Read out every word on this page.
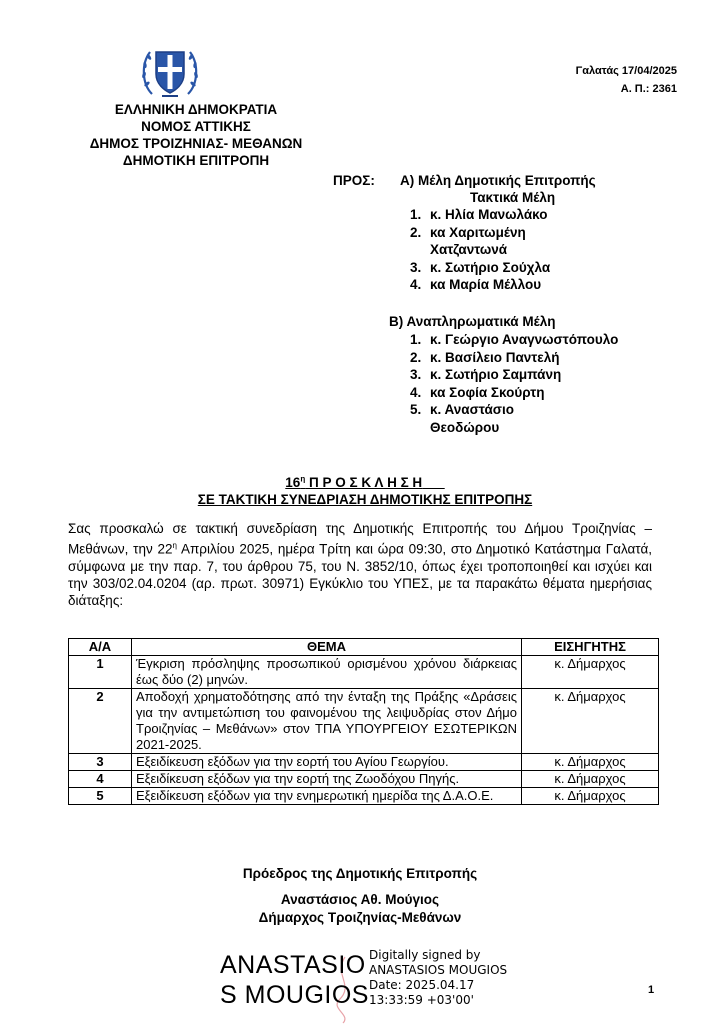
ΕΛΛΗΝΙΚΗ ΔΗΜΟΚΡΑΤΙΑ
ΝΟΜΟΣ ΑΤΤΙΚΗΣ
ΔΗΜΟΣ ΤΡΟΙΖΗΝΙΑΣ- ΜΕΘΑΝΩΝ
ΔΗΜΟΤΙΚΗ ΕΠΙΤΡΟΠΗ
Γαλατάς 17/04/2025
Α. Π.: 2361
ΠΡΟΣ: Α) Μέλη Δημοτικής Επιτροπής
Τακτικά Μέλη
1. κ. Ηλία Μανωλάκο
2. κα Χαριτωμένη Χατζαντωνά
3. κ. Σωτήριο Σούχλα
4. κα Μαρία Μέλλου
Β) Αναπληρωματικά Μέλη
1. κ. Γεώργιο Αναγνωστόπουλο
2. κ. Βασίλειο Παντελή
3. κ. Σωτήριο Σαμπάνη
4. κα Σοφία Σκούρτη
5. κ. Αναστάσιο Θεοδώρου
$16^\eta$ Π Ρ Ο Σ Κ Λ Η Σ Η
ΣΕ ΤΑΚΤΙΚΗ ΣΥΝΕΔΡΙΑΣΗ ΔΗΜΟΤΙΚΗΣ ΕΠΙΤΡΟΠΗΣ
Σας προσκαλώ σε τακτική συνεδρίαση της Δημοτικής Επιτροπής του Δήμου Τροιζηνίας – Μεθάνων, την $22^\eta$ Απριλίου 2025, ημέρα Τρίτη και ώρα 09:30, στο Δημοτικό Κατάστημα Γαλατά, σύμφωνα με την παρ. 7, του άρθρου 75, του Ν. 3852/10, όπως έχει τροποποιηθεί και ισχύει και την 303/02.04.0204 (αρ. πρωτ. 30971) Εγκύκλιο του ΥΠΕΣ, με τα παρακάτω θέματα ημερήσιας διάταξης:
Α/Α	ΘΕΜΑ	ΕΙΣΗΓΗΤΗΣ
1	Έγκριση πρόσληψης προσωπικού ορισμένου χρόνου διάρκειας έως δύο (2) μηνών.	κ. Δήμαρχος
2	Αποδοχή χρηματοδότησης από την ένταξη της Πράξης «Δράσεις για την αντιμετώπιση του φαινομένου της λειψυδρίας στον Δήμο Τροιζηνίας – Μεθάνων» στον ΤΠΑ ΥΠΟΥΡΓΕΙΟΥ ΕΣΩΤΕΡΙΚΩΝ 2021-2025.	κ. Δήμαρχος
3	Εξειδίκευση εξόδων για την εορτή του Αγίου Γεωργίου.	κ. Δήμαρχος
4	Εξειδίκευση εξόδων για την εορτή της Ζωοδόχου Πηγής.	κ. Δήμαρχος
5	Εξειδίκευση εξόδων για την ενημερωτική ημερίδα της Δ.Α.Ο.Ε.	κ. Δήμαρχος
Πρόεδρος της Δημοτικής Επιτροπής
Αναστάσιος Αθ. Μούγιος
Δήμαρχος Τροιζηνίας-Μεθάνων
ANASTASIO
S MOUGIOS
Digitally signed by
ANASTASIOS MOUGIOS
Date: 2025.04.17
13:33:59 +03'00'
1
